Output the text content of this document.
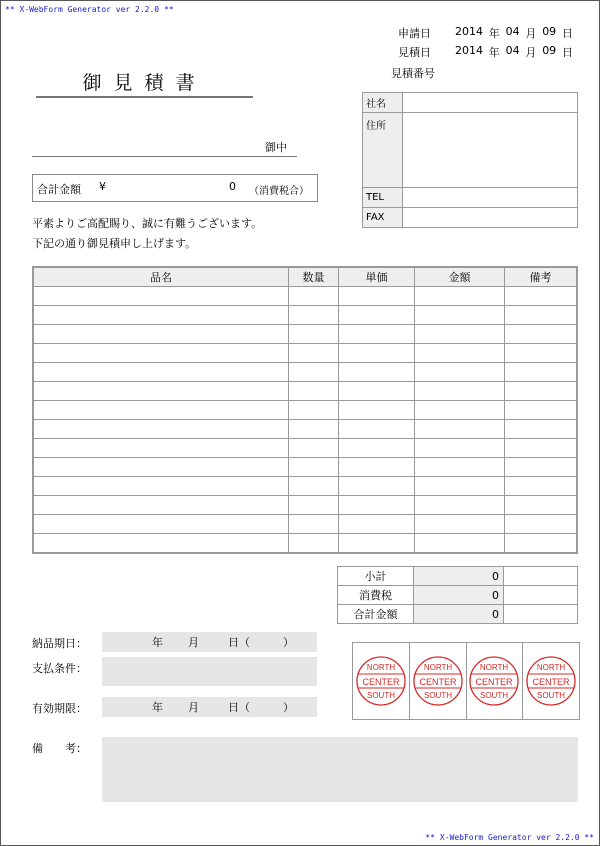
** X-WebForm Generator ver 2.2.0 **
** X-WebForm Generator ver 2.2.0 **
申請日 2014 年 04 月 09 日
見積日 2014 年 04 月 09 日
見積番号
御見積書
御中
合計金額 ¥	0 （消費税合）
平素よりご高配賜り、誠に有難うございます。
下記の通り御見積申し上げます。
社名	
住所	
TEL	
FAX	
品名	数量	単価	金額	備考

小計	0	
消費税	0	
合計金額	0	
納品期日：	年 月	日（	）
支払条件：
有効期限：	年 月	日（	）
備　　考：
NORTH
CENTER
SOUTH
NORTH
CENTER
SOUTH
NORTH
CENTER
SOUTH
NORTH
CENTER
SOUTH
